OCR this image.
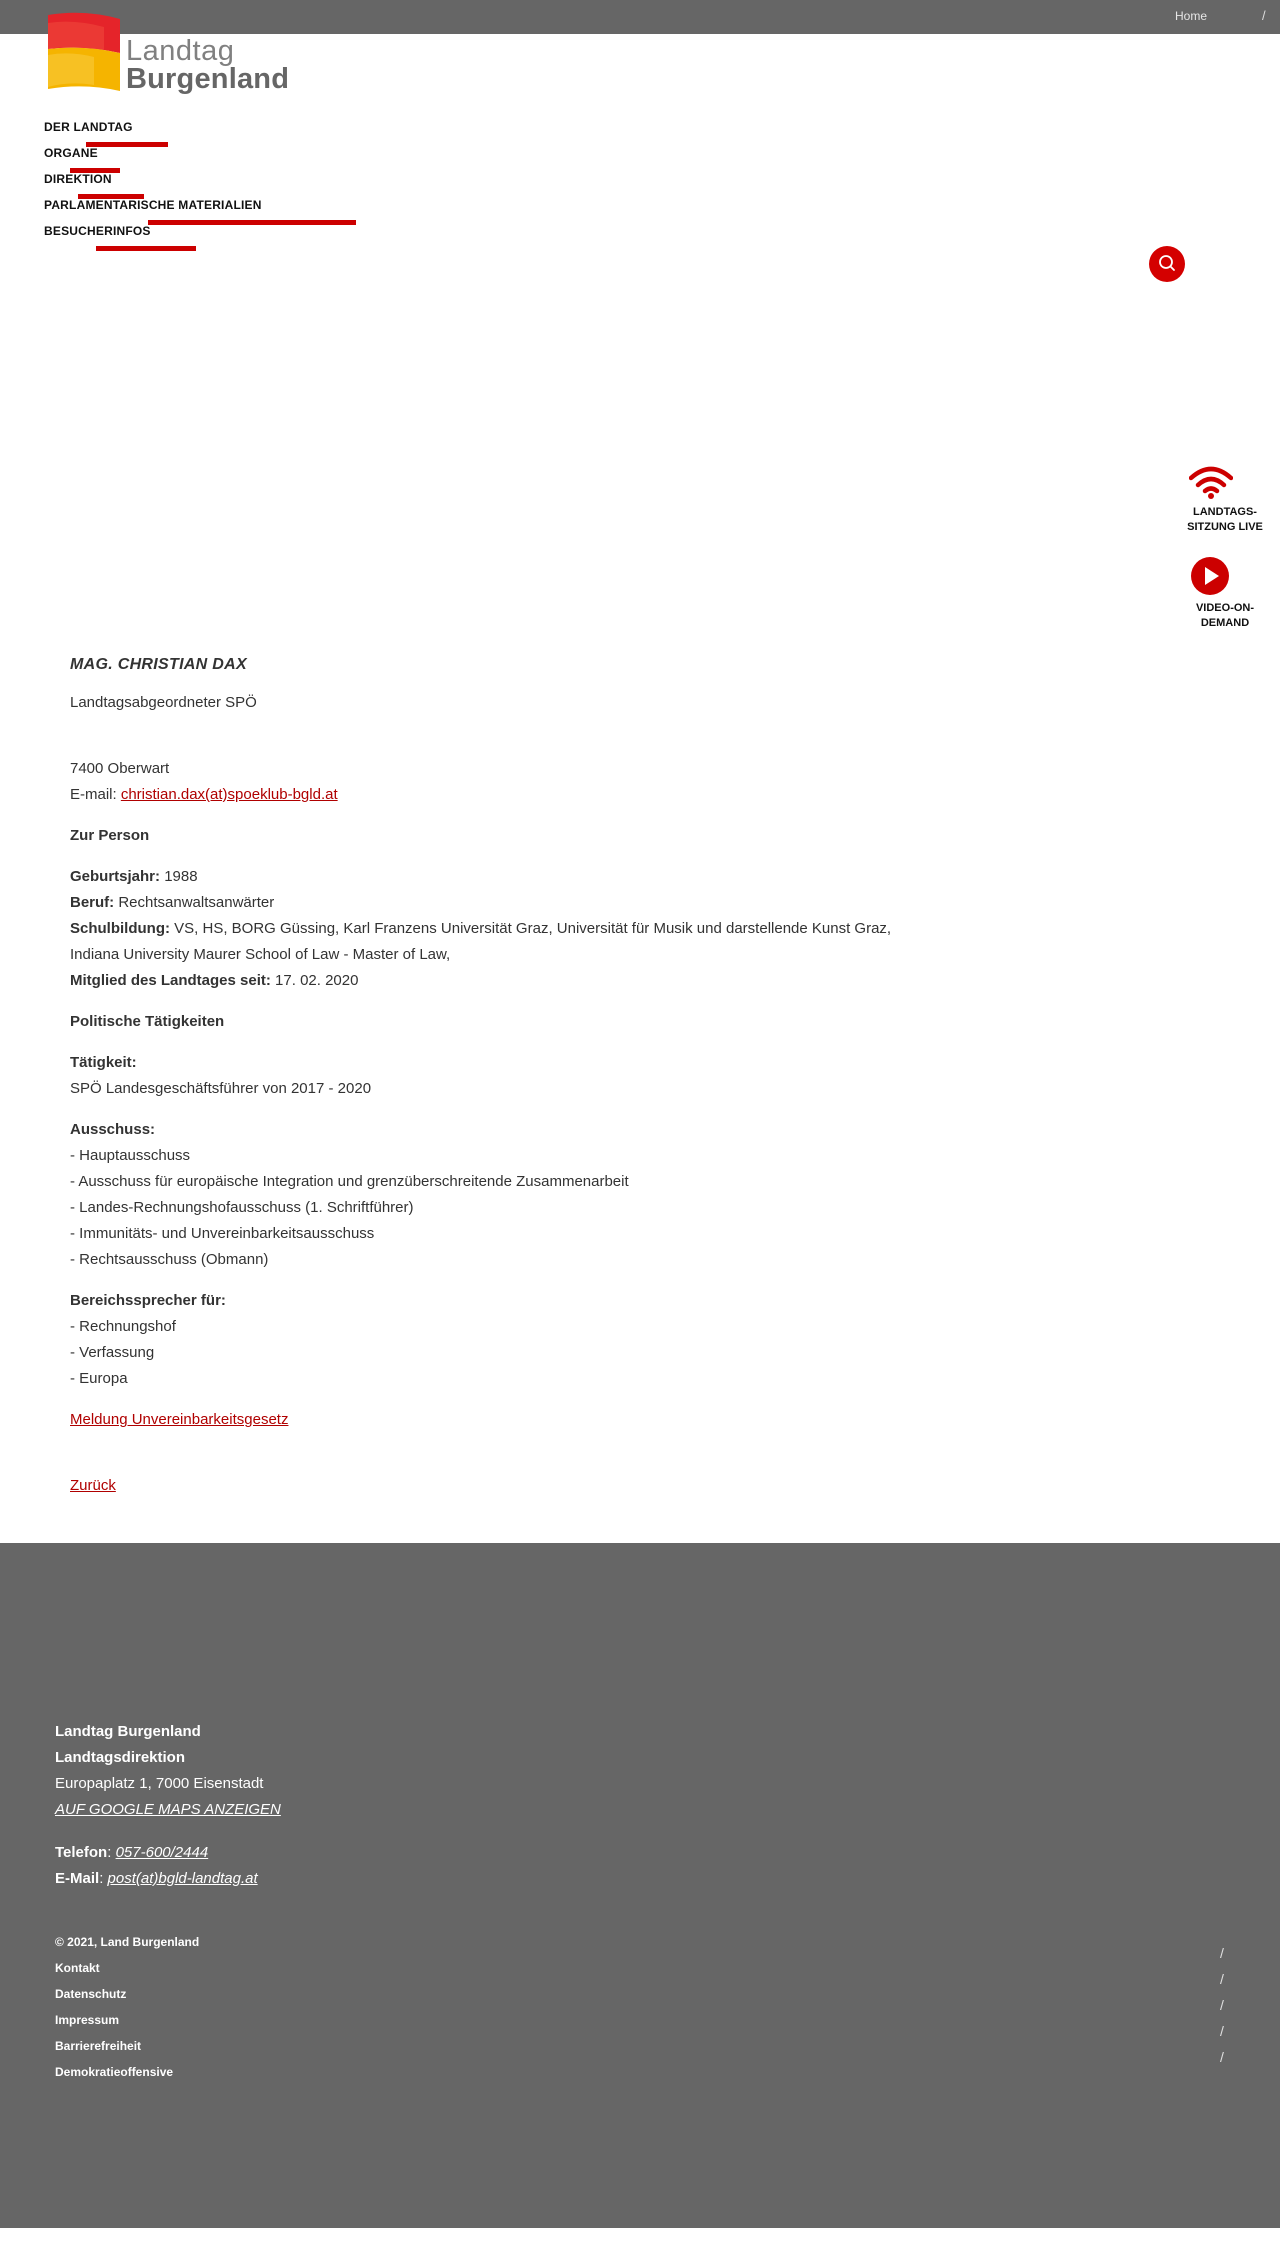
Home	/
Landtag
Burgenland
DER LANDTAG
ORGANE
DIREKTION
PARLAMENTARISCHE MATERIALIEN
BESUCHERINFOS
LANDTAGS-
SITZUNG LIVE
VIDEO-ON-
DEMAND

MAG. CHRISTIAN DAX

Landtagsabgeordneter SPÖ

7400 Oberwart

E-mail: christian.dax(at)spoeklub-bgld.at

Zur Person

Geburtsjahr: 1988

Beruf: Rechtsanwaltsanwärter

Schulbildung: VS, HS, BORG Güssing, Karl Franzens Universität Graz, Universität für Musik und darstellende Kunst Graz,

Indiana University Maurer School of Law - Master of Law,

Mitglied des Landtages seit: 17. 02. 2020

Politische Tätigkeiten

Tätigkeit:

SPÖ Landesgeschäftsführer von 2017 - 2020

Ausschuss:

- Hauptausschuss

- Ausschuss für europäische Integration und grenzüberschreitende Zusammenarbeit

- Landes-Rechnungshofausschuss (1. Schriftführer)

- Immunitäts- und Unvereinbarkeitsausschuss

- Rechtsausschuss (Obmann)

Bereichssprecher für:

- Rechnungshof

- Verfassung

- Europa

Meldung Unvereinbarkeitsgesetz

Zurück

Landtag Burgenland
Landtagsdirektion
Europaplatz 1, 7000 Eisenstadt
AUF GOOGLE MAPS ANZEIGEN
Telefon: 057-600/2444
E-Mail: post(at)bgld-landtag.at
© 2021, Land Burgenland
Kontakt
Datenschutz
Impressum
Barrierefreiheit
Demokratieoffensive
/
/
/
/
/
